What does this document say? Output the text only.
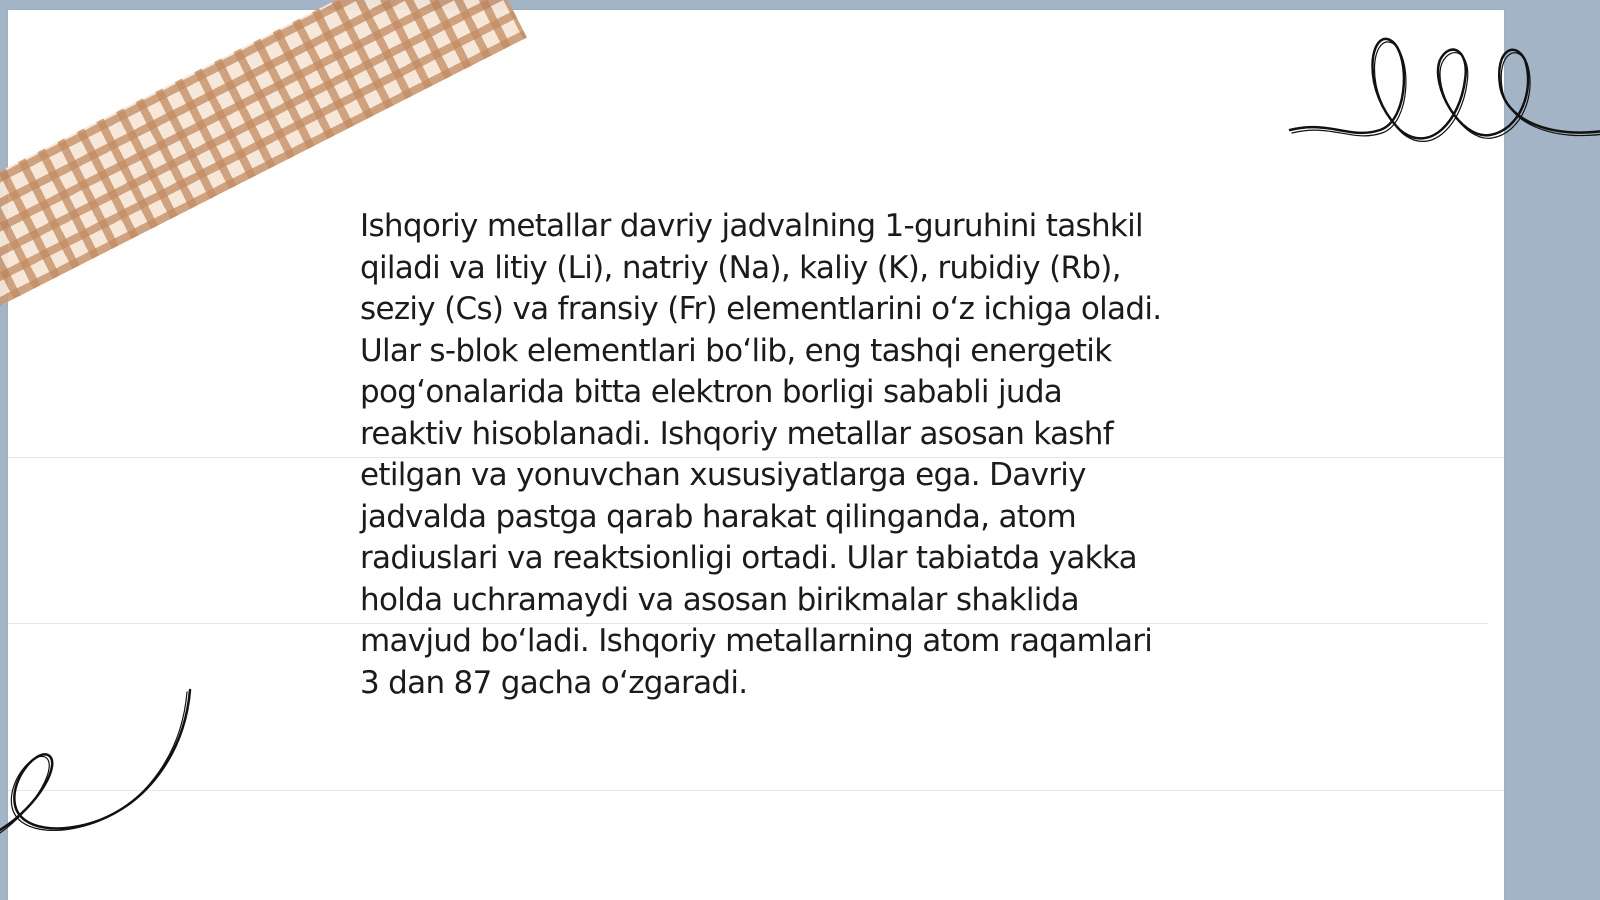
Ishqoriy metallar davriy jadvalning 1-guruhini tashkil
qiladi va litiy (Li), natriy (Na), kaliy (K), rubidiy (Rb),
seziy (Cs) va fransiy (Fr) elementlarini o‘z ichiga oladi.
Ular s-blok elementlari bo‘lib, eng tashqi energetik
pog‘onalarida bitta elektron borligi sababli juda
reaktiv hisoblanadi. Ishqoriy metallar asosan kashf
etilgan va yonuvchan xususiyatlarga ega. Davriy
jadvalda pastga qarab harakat qilinganda, atom
radiuslari va reaktsionligi ortadi. Ular tabiatda yakka
holda uchramaydi va asosan birikmalar shaklida
mavjud bo‘ladi. Ishqoriy metallarning atom raqamlari
3 dan 87 gacha o‘zgaradi.
